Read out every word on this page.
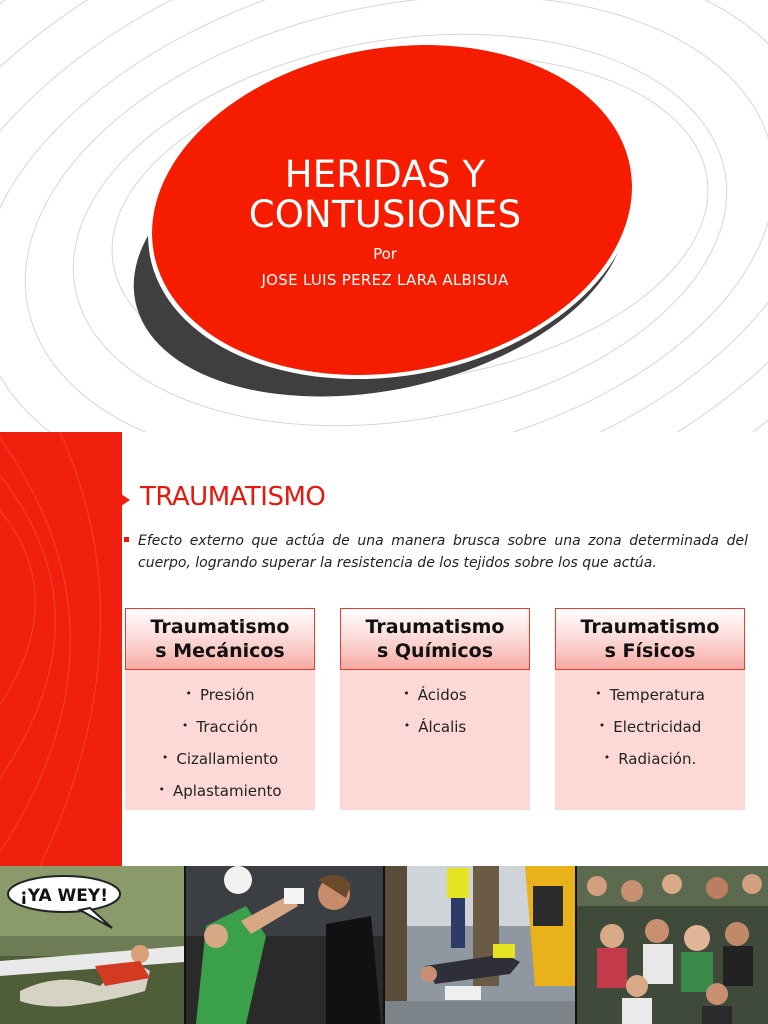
HERIDAS Y
CONTUSIONES
Por
JOSE LUIS PEREZ LARA ALBISUA
TRAUMATISMO
Efecto externo que actúa de una manera brusca sobre una zona determinada del cuerpo, logrando superar la resistencia de los tejidos sobre los que actúa.
Traumatismo
s Mecánicos
• Presión
• Tracción
• Cizallamiento
• Aplastamiento
Traumatismo
s Químicos
• Ácidos
• Álcalis
Traumatismo
s Físicos
• Temperatura
• Electricidad
• Radiación.
¡YA WEY!
